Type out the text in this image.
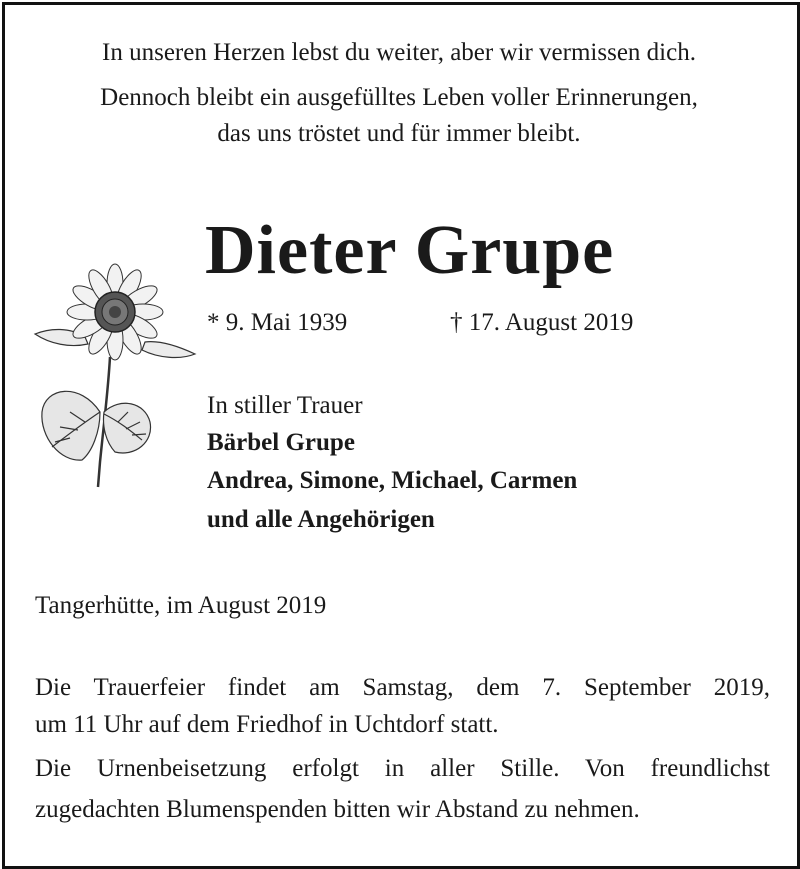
In unseren Herzen lebst du weiter, aber wir vermissen dich.
Dennoch bleibt ein ausgefülltes Leben voller Erinnerungen,
das uns tröstet und für immer bleibt.
Dieter Grupe
* 9. Mai 1939	† 17. August 2019
In stiller Trauer
Bärbel Grupe
Andrea, Simone, Michael, Carmen
und alle Angehörigen
Tangerhütte, im August 2019
Die Trauerfeier findet am Samstag, dem 7. September 2019,
um 11 Uhr auf dem Friedhof in Uchtdorf statt.
Die Urnenbeisetzung erfolgt in aller Stille. Von freundlichst
zugedachten Blumenspenden bitten wir Abstand zu nehmen.
